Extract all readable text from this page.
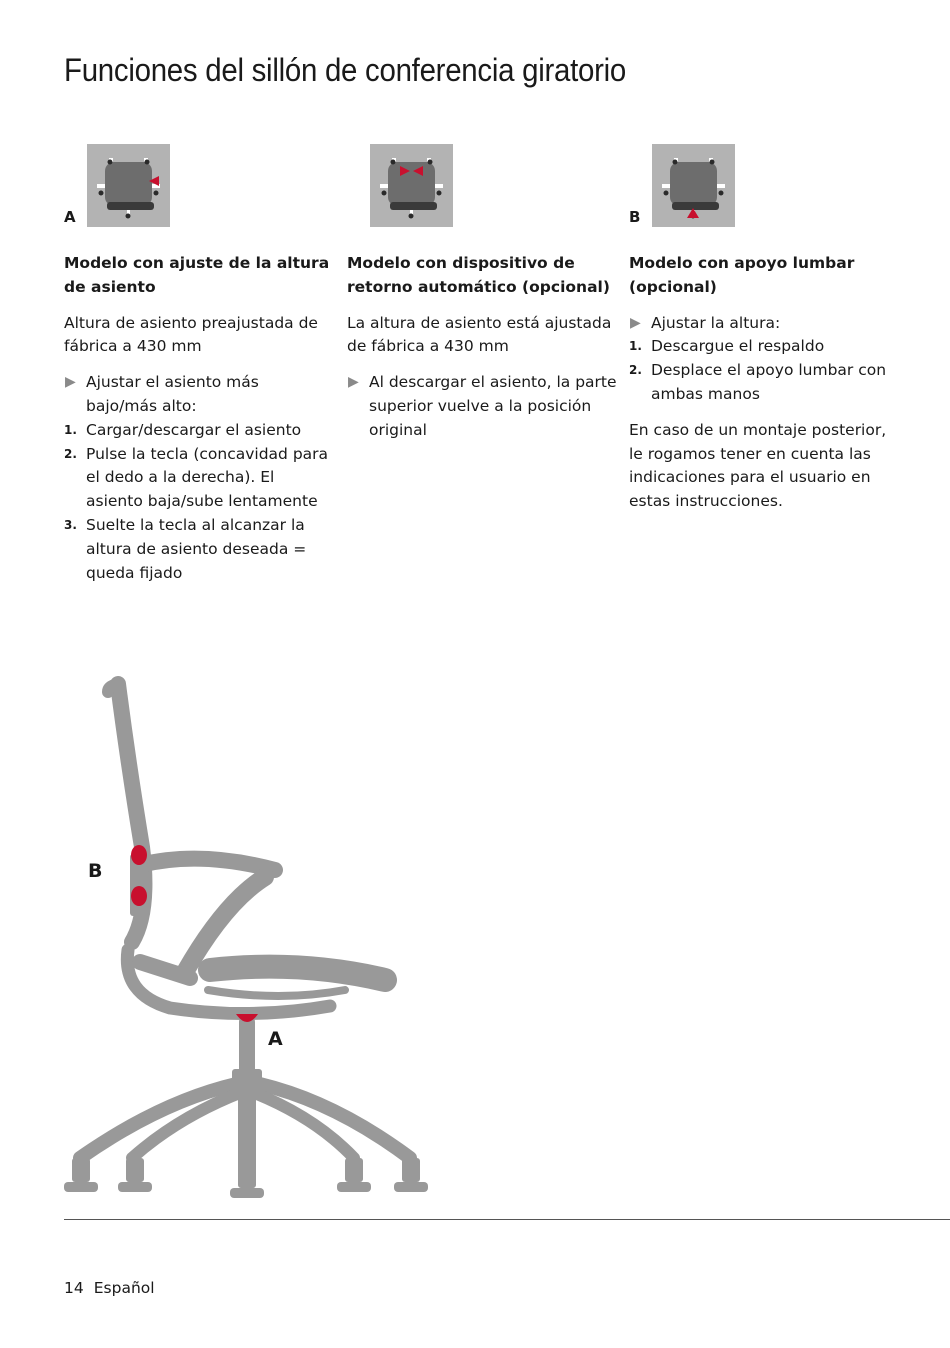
Funciones del sillón de conferencia giratorio
A

Modelo con ajuste de la altura de asiento

Altura de asiento preajustada de fábrica a 430 mm

▶ Ajustar el asiento más bajo/más alto:
1. Cargar/descargar el asiento
2. Pulse la tecla (concavidad para el dedo a la derecha). El asiento baja/sube lentamente
3. Suelte la tecla al alcanzar la altura de asiento deseada = queda fijado

Modelo con dispositivo de retorno automático (opcional)

La altura de asiento está ajustada de fábrica a 430 mm

▶ Al descargar el asiento, la parte superior vuelve a la posición original
B

Modelo con apoyo lumbar (opcional)

▶ Ajustar la altura:
1. Descargue el respaldo
2. Desplace el apoyo lumbar con ambas manos

En caso de un montaje posterior, le rogamos tener en cuenta las indicaciones para el usuario en estas instrucciones.

B
A
14 Español
